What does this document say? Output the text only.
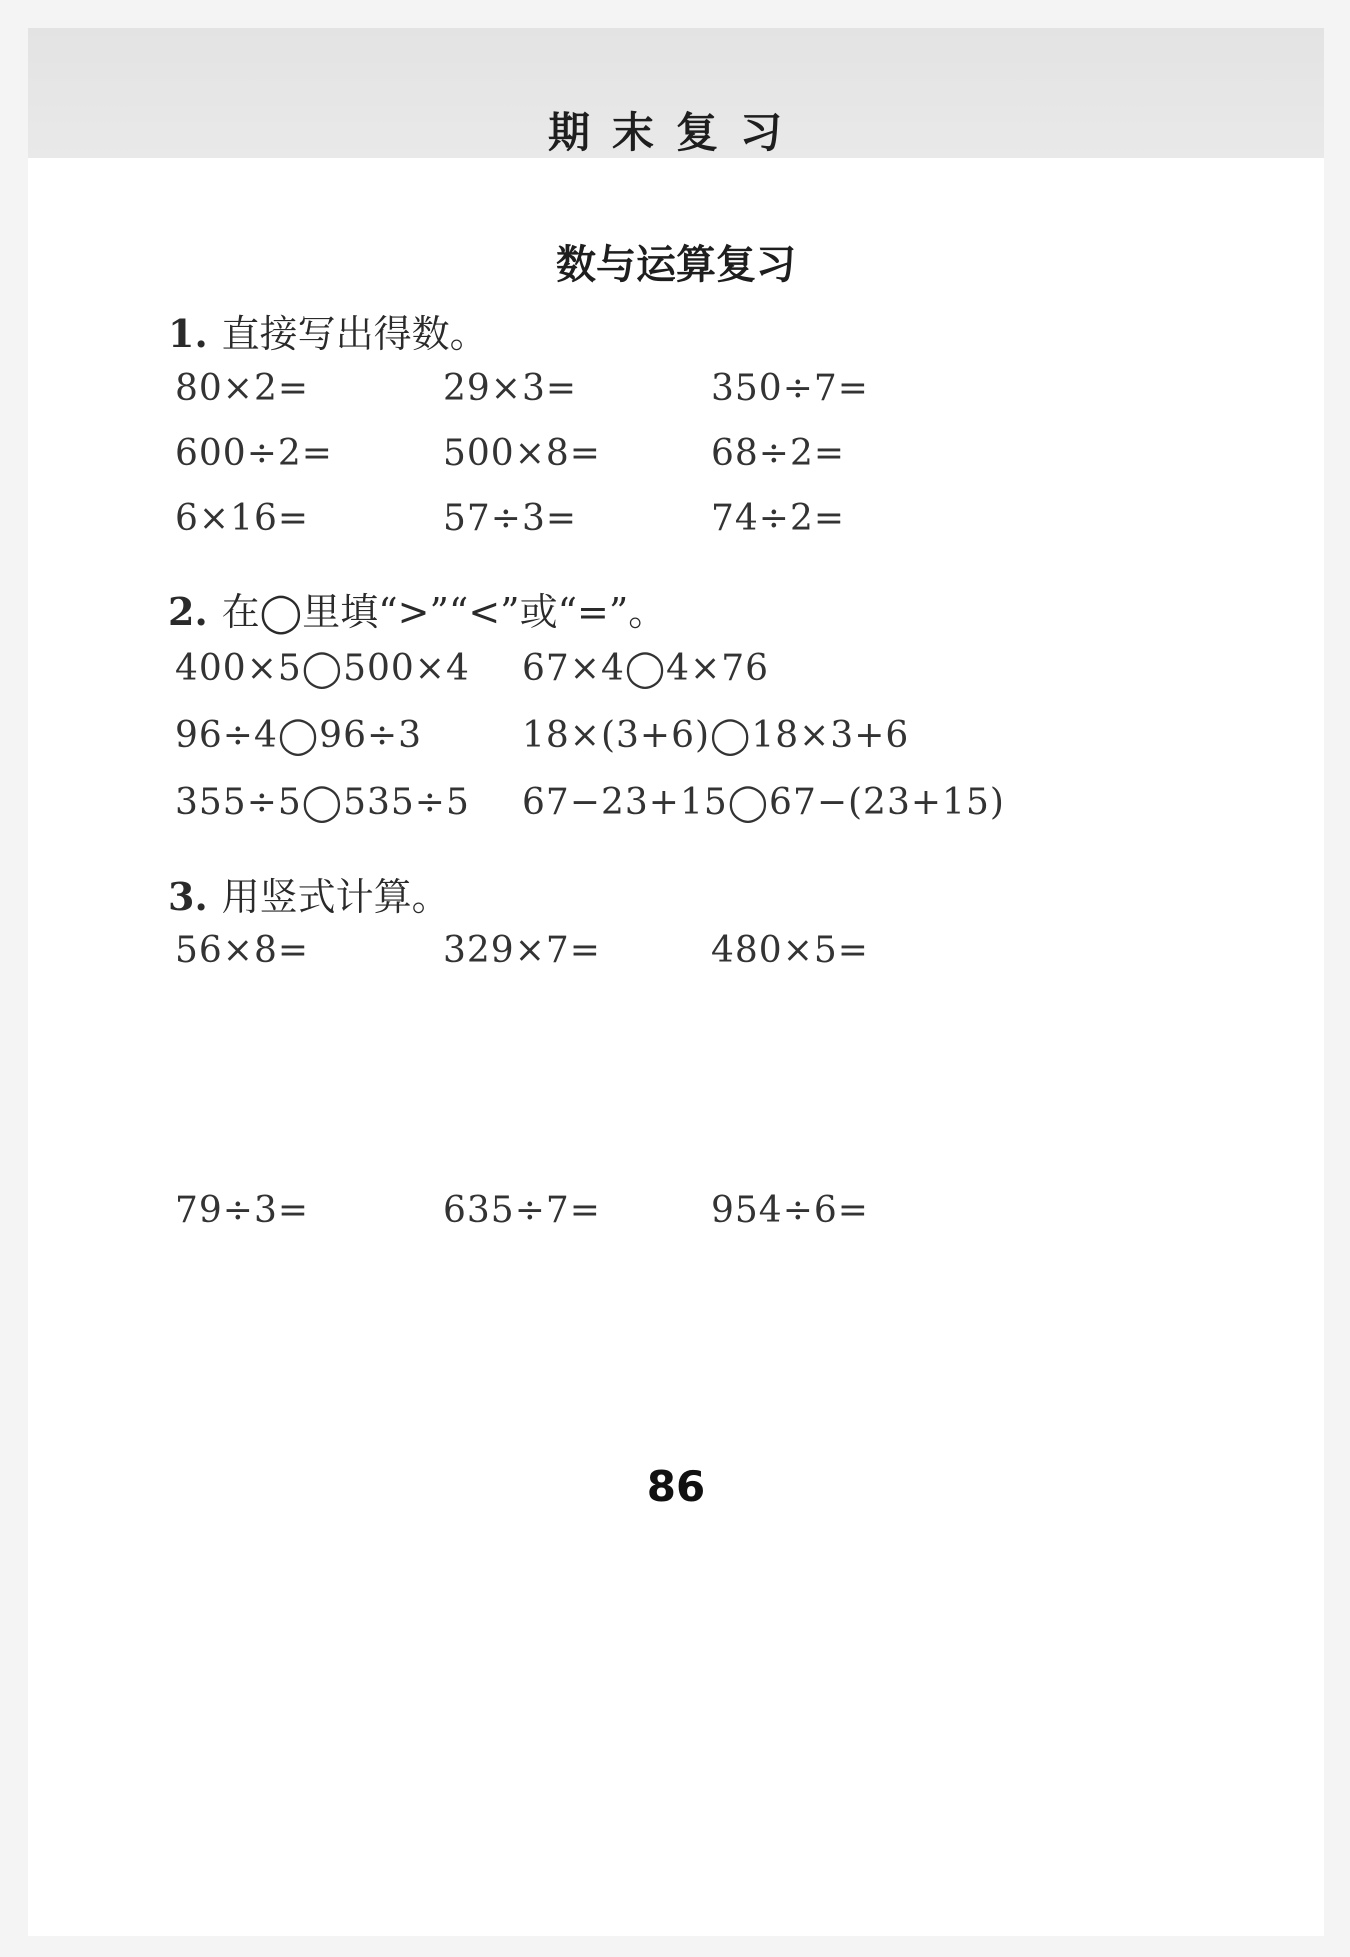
期末复习
数与运算复习
1. 直接写出得数。
80×2=	29×3=	350÷7=
600÷2=	500×8=	68÷2=
6×16=	57÷3=	74÷2=
2. 在◯里填“>”“<”或“=”。
400×5◯500×4 67×4◯4×76
96÷4◯96÷3	18×(3+6)◯18×3+6
355÷5◯535÷5 67−23+15◯67−(23+15)
3. 用竖式计算。
56×8=	329×7=	480×5=
79÷3=	635÷7=	954÷6=
86
